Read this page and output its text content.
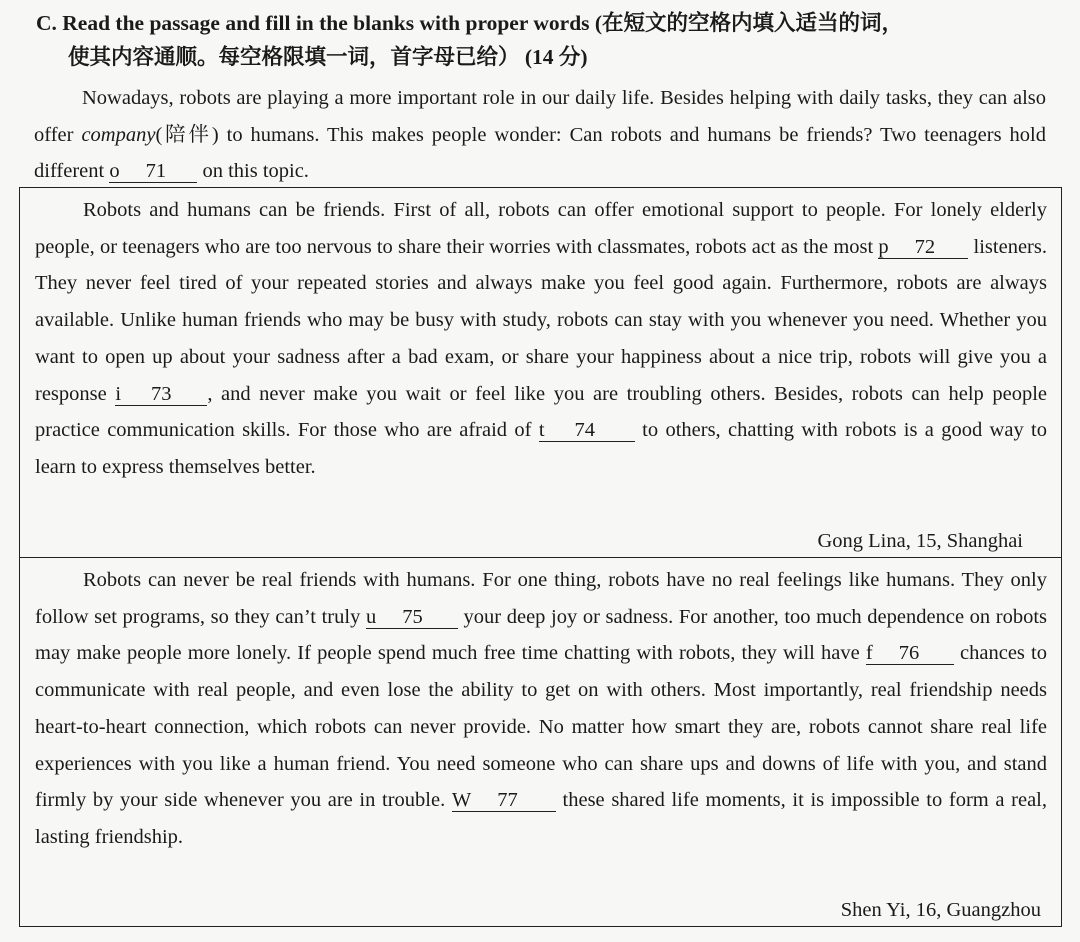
C. Read the passage and fill in the blanks with proper words (在短文的空格内填入适当的词，
使其内容通顺。每空格限填一词，首字母已给） (14 分)
Nowadays, robots are playing a more important role in our daily life. Besides helping with daily tasks, they can also offer company(陪伴) to humans. This makes people wonder: Can robots and humans be friends? Two teenagers hold different o 71 on this topic.
Robots and humans can be friends. First of all, robots can offer emotional support to people. For lonely elderly people, or teenagers who are too nervous to share their worries with classmates, robots act as the most p 72 listeners. They never feel tired of your repeated stories and always make you feel good again. Furthermore, robots are always available. Unlike human friends who may be busy with study, robots can stay with you whenever you need. Whether you want to open up about your sadness after a bad exam, or share your happiness about a nice trip, robots will give you a response i 73 , and never make you wait or feel like you are troubling others. Besides, robots can help people practice communication skills. For those who are afraid of t 74 to others, chatting with robots is a good way to learn to express themselves better.
Gong Lina, 15, Shanghai
Robots can never be real friends with humans. For one thing, robots have no real feelings like humans. They only follow set programs, so they can’t truly u 75 your deep joy or sadness. For another, too much dependence on robots may make people more lonely. If people spend much free time chatting with robots, they will have f 76 chances to communicate with real people, and even lose the ability to get on with others. Most importantly, real friendship needs heart-to-heart connection, which robots can never provide. No matter how smart they are, robots cannot share real life experiences with you like a human friend. You need someone who can share ups and downs of life with you, and stand firmly by your side whenever you are in trouble. W 77 these shared life moments, it is impossible to form a real, lasting friendship.
Shen Yi, 16, Guangzhou
